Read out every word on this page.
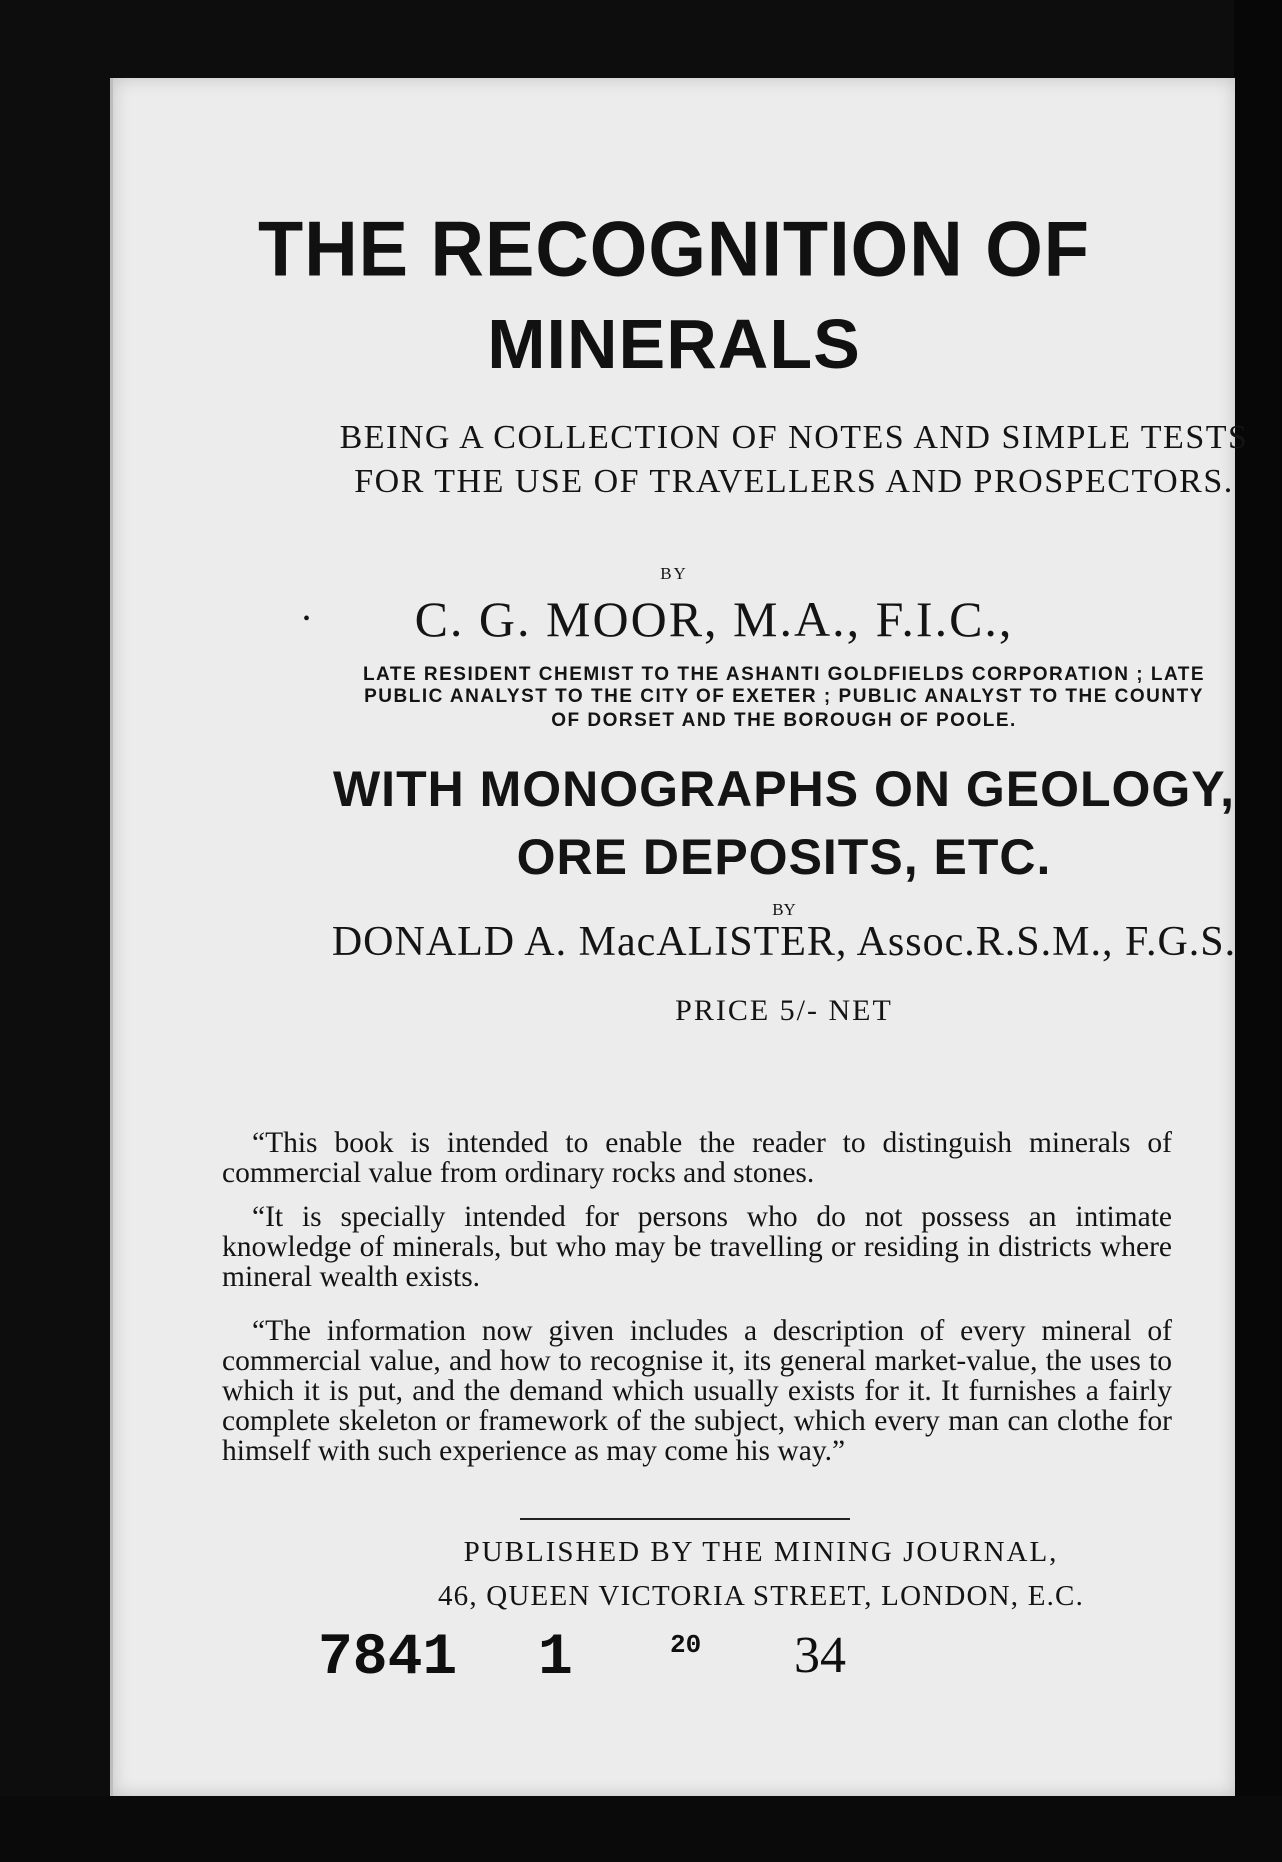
THE RECOGNITION OF
MINERALS
BEING A COLLECTION OF NOTES AND SIMPLE TESTS
FOR THE USE OF TRAVELLERS AND PROSPECTORS.
BY
•	C. G. MOOR, M.A., F.I.C.,
LATE RESIDENT CHEMIST TO THE ASHANTI GOLDFIELDS CORPORATION ; LATE
PUBLIC ANALYST TO THE CITY OF EXETER ; PUBLIC ANALYST TO THE COUNTY
OF DORSET AND THE BOROUGH OF POOLE.
WITH MONOGRAPHS ON GEOLOGY,
ORE DEPOSITS, ETC.
BY
DONALD A. MacALISTER, Assoc.R.S.M., F.G.S.
PRICE 5/- NET

“This book is intended to enable the reader to distinguish minerals of commercial value from ordinary rocks and stones.

“It is specially intended for persons who do not possess an intimate knowledge of minerals, but who may be travelling or residing in districts where mineral wealth exists.

“The information now given includes a description of every mineral of commercial value, and how to recognise it, its general market-value, the uses to which it is put, and the demand which usually exists for it. It furnishes a fairly complete skeleton or framework of the subject, which every man can clothe for himself with such experience as may come his way.”

PUBLISHED BY THE MINING JOURNAL,
46, QUEEN VICTORIA STREET, LONDON, E.C.
7841 1	20 34
